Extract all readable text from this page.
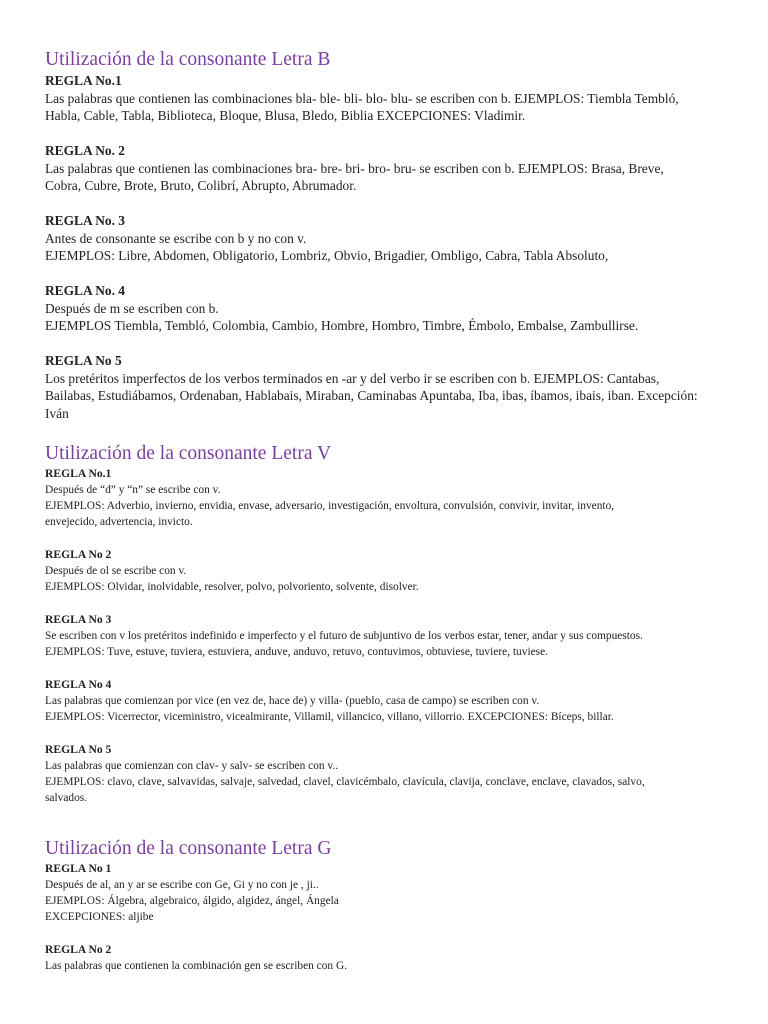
Utilización de la consonante Letra B

REGLA No.1

Las palabras que contienen las combinaciones bla- ble- bli- blo- blu- se escriben con b. EJEMPLOS: Tiembla Tembló,
Habla, Cable, Tabla, Biblioteca, Bloque, Blusa, Bledo, Biblia EXCEPCIONES: Vladimir.

REGLA No. 2

Las palabras que contienen las combinaciones bra- bre- bri- bro- bru- se escriben con b. EJEMPLOS: Brasa, Breve,
Cobra, Cubre, Brote, Bruto, Colibrí, Abrupto, Abrumador.

REGLA No. 3

Antes de consonante se escribe con b y no con v.
EJEMPLOS: Libre, Abdomen, Obligatorio, Lombriz, Obvio, Brigadier, Ombligo, Cabra, Tabla Absoluto,

REGLA No. 4

Después de m se escriben con b.
EJEMPLOS Tiembla, Tembló, Colombia, Cambio, Hombre, Hombro, Timbre, Émbolo, Embalse, Zambullirse.

REGLA No 5

Los pretéritos imperfectos de los verbos terminados en -ar y del verbo ir se escriben con b. EJEMPLOS: Cantabas,
Bailabas, Estudiábamos, Ordenaban, Hablabais, Miraban, Caminabas Apuntaba, Iba, ibas, íbamos, ibais, iban. Excepción:
Iván

Utilización de la consonante Letra V

REGLA No.1

Después de “d” y “n” se escribe con v.
EJEMPLOS: Adverbio, invierno, envidia, envase, adversario, investigación, envoltura, convulsión, convivir, invitar, invento,
envejecido, advertencia, invicto.

REGLA No 2

Después de ol se escribe con v.
EJEMPLOS: Olvidar, inolvidable, resolver, polvo, polvoriento, solvente, disolver.

REGLA No 3

Se escriben con v los pretéritos indefinido e imperfecto y el futuro de subjuntivo de los verbos estar, tener, andar y sus compuestos.
EJEMPLOS: Tuve, estuve, tuviera, estuviera, anduve, anduvo, retuvo, contuvimos, obtuviese, tuviere, tuviese.

REGLA No 4

Las palabras que comienzan por vice (en vez de, hace de) y villa- (pueblo, casa de campo) se escriben con v.
EJEMPLOS: Vicerrector, viceministro, vicealmirante, Villamil, villancico, villano, villorrio. EXCEPCIONES: Bíceps, billar.

REGLA No 5

Las palabras que comienzan con clav- y salv- se escriben con v..
EJEMPLOS: clavo, clave, salvavidas, salvaje, salvedad, clavel, clavicémbalo, clavícula, clavija, conclave, enclave, clavados, salvo,
salvados.

Utilización de la consonante Letra G

REGLA No 1

Después de al, an y ar se escribe con Ge, Gi y no con je , ji..
EJEMPLOS: Álgebra, algebraico, álgido, algidez, ángel, Ángela
EXCEPCIONES: aljibe

REGLA No 2

Las palabras que contienen la combinación gen se escriben con G.
